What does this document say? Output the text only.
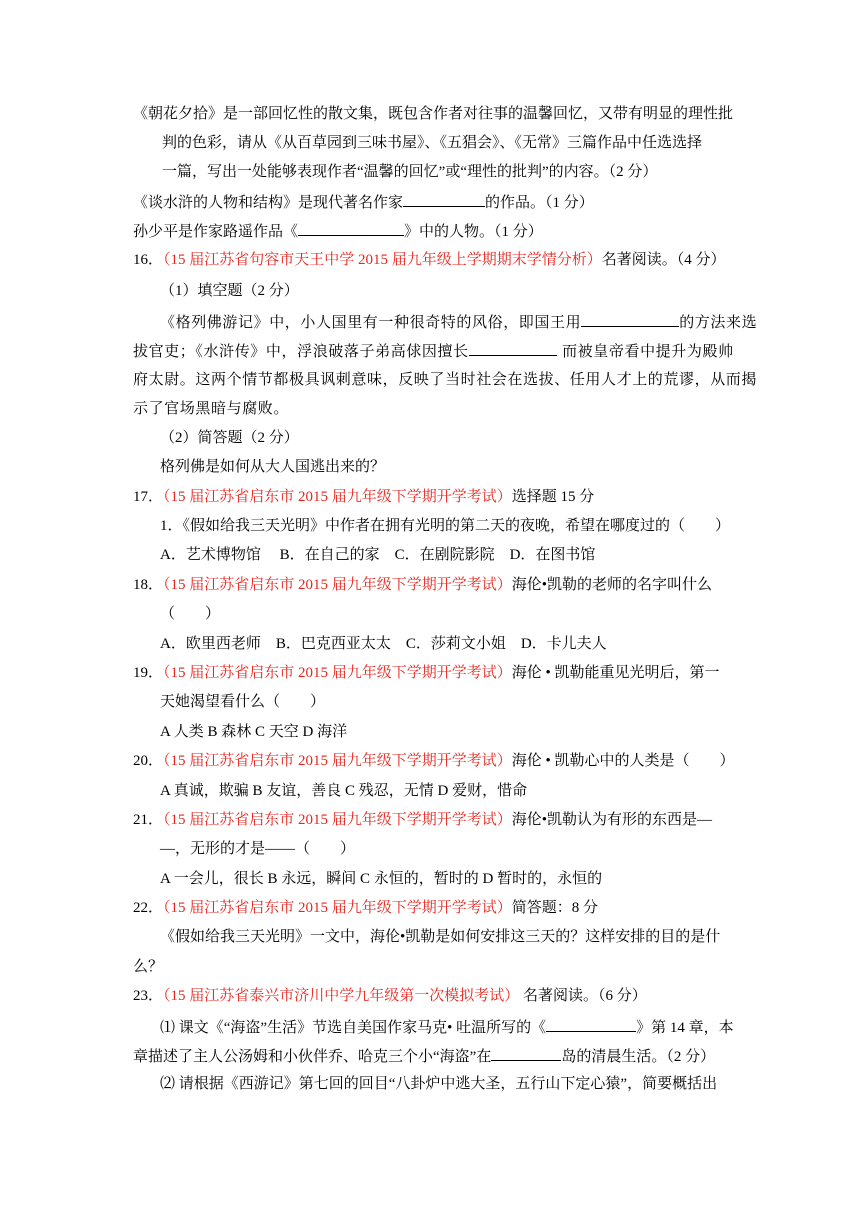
《朝花夕拾》是一部回忆性的散文集，既包含作者对往事的温馨回忆，又带有明显的理性批
判的色彩，请从《从百草园到三味书屋》、《五猖会》、《无常》三篇作品中任选选择
一篇，写出一处能够表现作者“温馨的回忆”或“理性的批判”的内容。（2 分）
《谈水浒的人物和结构》是现代著名作家	的作品。（1 分）
孙少平是作家路遥作品《	》中的人物。（1 分）
16．（15 届江苏省句容市天王中学 2015 届九年级上学期期末学情分析）名著阅读。（4 分）
（1）填空题（2 分）
《格列佛游记》中，小人国里有一种很奇特的风俗，即国王用	的方法来选
拔官吏；《水浒传》中，浮浪破落子弟高俅因擅长	而被皇帝看中提升为殿帅
府太尉。这两个情节都极具讽刺意味，反映了当时社会在选拔、任用人才上的荒谬，从而揭
示了官场黑暗与腐败。
（2）简答题（2 分）
格列佛是如何从大人国逃出来的？
17．（15 届江苏省启东市 2015 届九年级下学期开学考试）选择题 15 分
1．《假如给我三天光明》中作者在拥有光明的第二天的夜晚，希望在哪度过的（　　）
A．艺术博物馆　 B．在自己的家　C．在剧院影院　D．在图书馆
18．（15 届江苏省启东市 2015 届九年级下学期开学考试）海伦•凯勒的老师的名字叫什么
（　　）
A．欧里西老师　B．巴克西亚太太　C．莎莉文小姐　D．卡儿夫人
19．（15 届江苏省启东市 2015 届九年级下学期开学考试）海伦 • 凯勒能重见光明后，第一
天她渴望看什么（　　）
A 人类 B 森林 C 天空 D 海洋
20．（15 届江苏省启东市 2015 届九年级下学期开学考试）海伦 • 凯勒心中的人类是（　　）
A 真诚，欺骗 B 友谊，善良 C 残忍，无情 D 爱财，惜命
21．（15 届江苏省启东市 2015 届九年级下学期开学考试）海伦•凯勒认为有形的东西是—
—，无形的才是——（　　）
A 一会儿，很长 B 永远，瞬间 C 永恒的，暂时的 D 暂时的，永恒的
22．（15 届江苏省启东市 2015 届九年级下学期开学考试）简答题：8 分
《假如给我三天光明》一文中，海伦•凯勒是如何安排这三天的？这样安排的目的是什
么？
23．（15 届江苏省泰兴市济川中学九年级第一次模拟考试） 名著阅读。（6 分）
⑴ 课文《“海盗”生活》节选自美国作家马克• 吐温所写的《	》第 14 章，本
章描述了主人公汤姆和小伙伴乔、哈克三个小“海盗”在	岛的清晨生活。（2 分）
⑵ 请根据《西游记》第七回的回目“八卦炉中逃大圣，五行山下定心猿”，简要概括出
